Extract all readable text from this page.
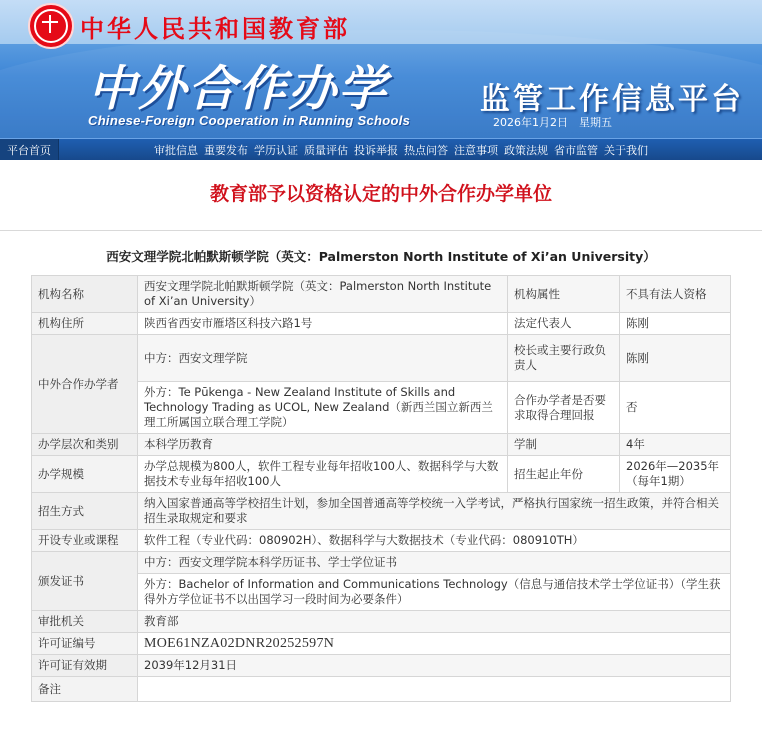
中华人民共和国教育部
中外合作办学
Chinese-Foreign Cooperation in Running Schools
监管工作信息平台
2026年1月2日　星期五
平台首页	审批信息 重要发布 学历认证 质量评估 投诉举报 热点问答 注意事项 政策法规 省市监管 关于我们
教育部予以资格认定的中外合作办学单位
西安文理学院北帕默斯顿学院（英文：Palmerston North Institute of Xi’an University）
机构名称	西安文理学院北帕默斯顿学院（英文：Palmerston North Institute of Xi’an University）	机构属性	不具有法人资格
机构住所	陕西省西安市雁塔区科技六路1号	法定代表人	陈刚
中外合作办学者	中方：西安文理学院	校长或主要行政负责人	陈刚
	外方：Te Pūkenga - New Zealand Institute of Skills and Technology Trading as UCOL, New Zealand（新西兰国立新西兰理工所属国立联合理工学院）	合作办学者是否要求取得合理回报	否
办学层次和类别	本科学历教育	学制	4年
办学规模	办学总规模为800人，软件工程专业每年招收100人、数据科学与大数据技术专业每年招收100人	招生起止年份	2026年—2035年（每年1期）
招生方式	纳入国家普通高等学校招生计划，参加全国普通高等学校统一入学考试，严格执行国家统一招生政策，并符合相关招生录取规定和要求		
开设专业或课程	软件工程（专业代码：080902H）、数据科学与大数据技术（专业代码：080910TH）		
颁发证书	中方：西安文理学院本科学历证书、学士学位证书		
	外方：Bachelor of Information and Communications Technology（信息与通信技术学士学位证书）（学生获得外方学位证书不以出国学习一段时间为必要条件）		
审批机关	教育部		
许可证编号	MOE61NZA02DNR20252597N		
许可证有效期	2039年12月31日		
备注			
